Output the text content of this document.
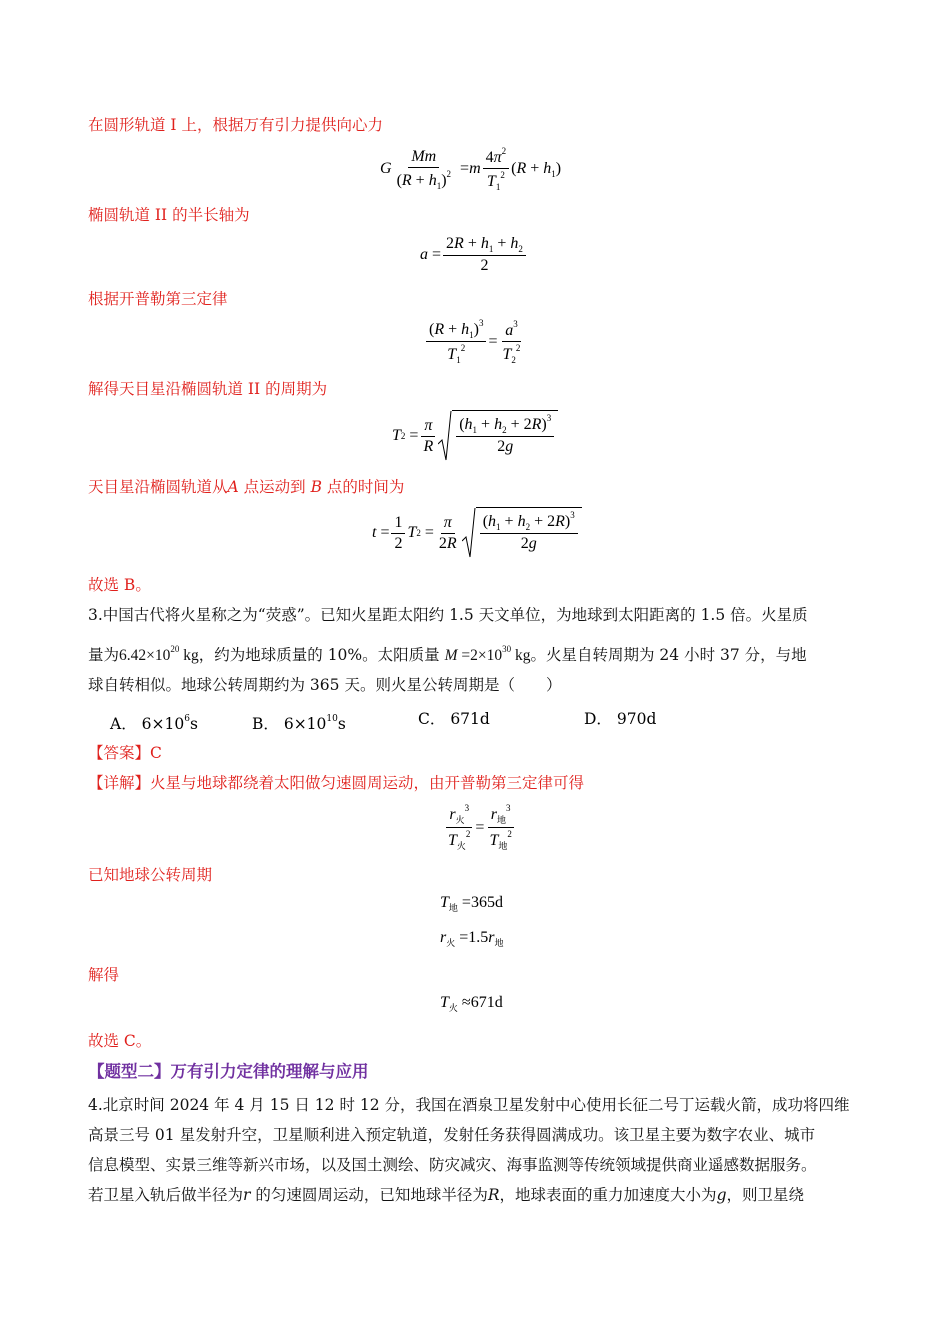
在圆形轨道 I 上，根据万有引力提供向心力
G $\frac{Mm}{(R + h_1)^2} = m \frac{4\pi^2}{T_1^2} (R + h_1)$
椭圆轨道 II 的半长轴为
$a = \frac{2R + h_1 + h_2}{2}$
根据开普勒第三定律
$\frac{(R + h_1)^3}{T_1^2} = \frac{a^3}{T_2^2}$
解得天目星沿椭圆轨道 II 的周期为
T $2 = \frac{\pi}{R} \frac{(h_1 + h_2 + 2R)^3}{2g}$
天目星沿椭圆轨道从A 点运动到 B 点的时间为
$t = \frac{1}{2}$ T $2 = \frac{\pi}{2R} \frac{(h_1 + h_2 + 2R)^3}{2g}$
故选 B。
3.中国古代将火星称之为“荧惑”。已知火星距太阳约 1.5 天文单位，为地球到太阳距离的 1.5 倍。火星质
量为$6.42\times 10^{20}$ kg，约为地球质量的 10%。太阳质量 $M =2\times 10^{30}$ kg。火星自转周期为 24 小时 37 分，与地
球自转相似。地球公转周期约为 365 天。则火星公转周期是（　　）
A． $6\times 10^6s$	B． $6\times 10^{10}s$	C． 671d	D． 970d
【答案】C
【详解】火星与地球都绕着太阳做匀速圆周运动，由开普勒第三定律可得
$\frac{r_火^3}{T_火^2} = \frac{r_地^3}{T_地^2}$
已知地球公转周期
$T_地 =365d$
$r_火 =1.5r_地$
解得
$T_火 \approx 671d$
故选 C。
【题型二】万有引力定律的理解与应用
4.北京时间 2024 年 4 月 15 日 12 时 12 分，我国在酒泉卫星发射中心使用长征二号丁运载火箭，成功将四维
高景三号 01 星发射升空，卫星顺利进入预定轨道，发射任务获得圆满成功。该卫星主要为数字农业、城市
信息模型、实景三维等新兴市场，以及国土测绘、防灾减灾、海事监测等传统领域提供商业遥感数据服务。
若卫星入轨后做半径为r 的匀速圆周运动，已知地球半径为R，地球表面的重力加速度大小为g，则卫星绕
